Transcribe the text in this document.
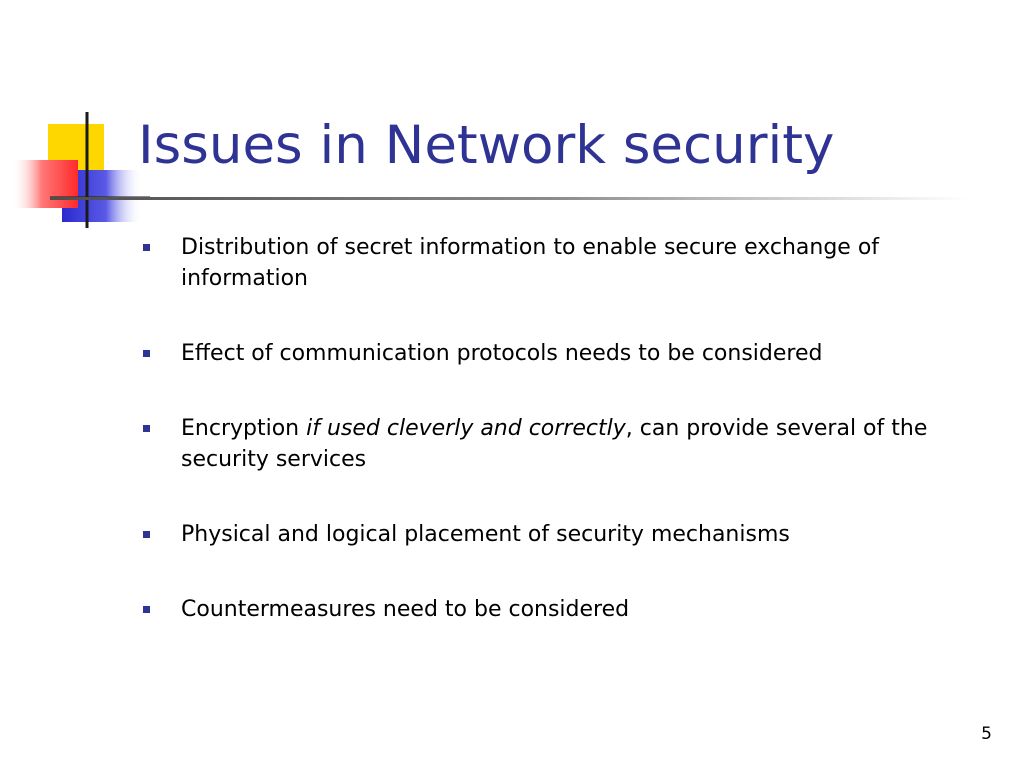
Issues in Network security
Distribution of secret information to enable secure exchange of information
Effect of communication protocols needs to be considered
Encryption if used cleverly and correctly, can provide several of the security services
Physical and logical placement of security mechanisms
Countermeasures need to be considered
5
